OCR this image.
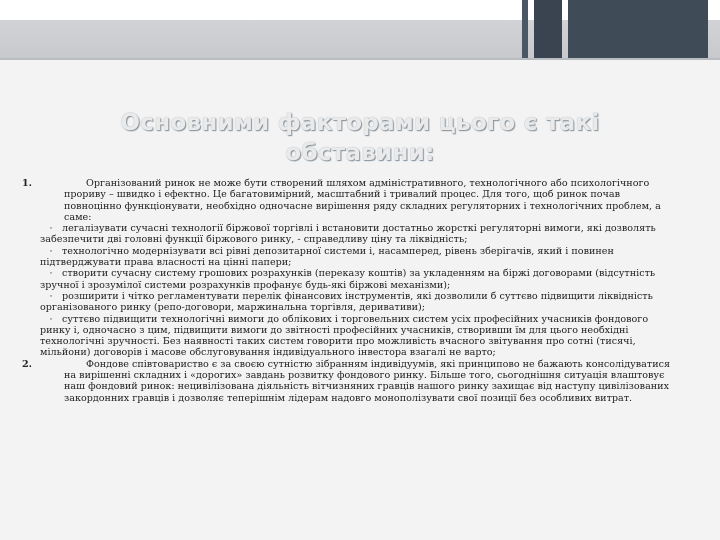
Основними факторами цього є такі
обставини:
1.	Організований ринок не може бути створений шляхом адміністративного, технологічного або психологічного прориву – швидко і ефектно. Це багатовимірний, масштабний і тривалий процес. Для того, щоб ринок почав повноцінно функціонувати, необхідно одночасне вирішення ряду складних регуляторних і технологічних проблем, а саме:
· легалізувати сучасні технології біржової торгівлі і встановити достатньо жорсткі регуляторні вимоги, які дозволять забезпечити дві головні функції біржового ринку, - справедливу ціну та ліквідність;
· технологічно модернізувати всі рівні депозитарної системи і, насамперед, рівень зберігачів, який і повинен підтверджувати права власності на цінні папери;
· створити сучасну систему грошових розрахунків (переказу коштів) за укладенням на біржі договорами (відсутність зручної і зрозумілої системи розрахунків профанує будь-які біржові механізми);
· розширити і чітко регламентувати перелік фінансових інструментів, які дозволили б суттєво підвищити ліквідність організованого ринку (репо-договори, маржинальна торгівля, деривативи);
· суттєво підвищити технологічні вимоги до облікових і торговельних систем усіх професійних учасників фондового ринку і, одночасно з цим, підвищити вимоги до звітності професійних учасників, створивши їм для цього необхідні технологічні зручності. Без наявності таких систем говорити про можливість вчасного звітування про сотні (тисячі, мільйони) договорів і масове обслуговування індивідуального інвестора взагалі не варто;
2.	Фондове співтовариство є за своєю сутністю зібранням індивідуумів, які принципово не бажають консолідуватися на вирішенні складних і «дорогих» завдань розвитку фондового ринку. Більше того, сьогоднішня ситуація влаштовує наш фондовий ринок: нецивілізована діяльність вітчизняних гравців нашого ринку захищає від наступу цивілізованих закордонних гравців і дозволяє теперішнім лідерам надовго монополізувати свої позиції без особливих витрат.
